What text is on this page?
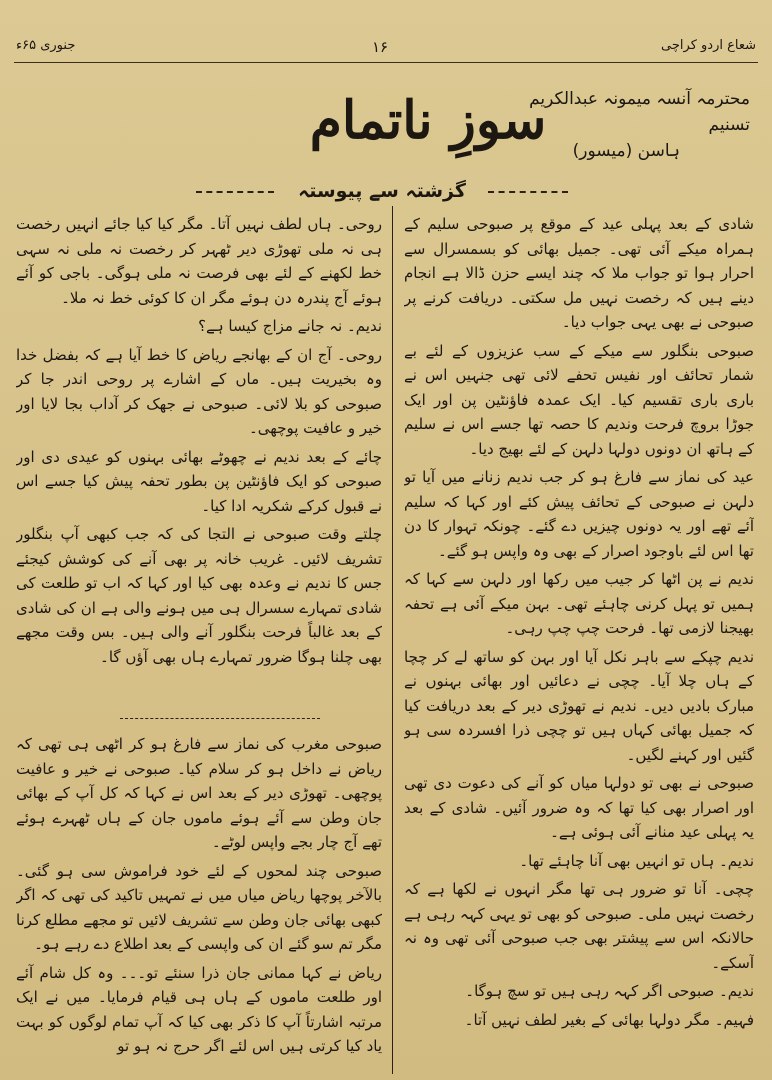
شعاع اردو کراچی
۱۶
جنوری ۶۵ء
محترمہ آنسہ میمونہ عبدالکریم تسنیم
ہاسن (میسور)
سوزِ ناتمام
گزشتہ سے پیوستہ
شادی کے بعد پہلی عید کے موقع پر صبوحی سلیم کے ہمراہ میکے آئی تھی۔ جمیل بھائی کو بسمسرال سے احرار ہوا تو جواب ملا کہ چند ایسے حزن ڈالا ہے انجام دینے ہیں کہ رخصت نہیں مل سکتی۔ دریافت کرنے پر صبوحی نے بھی یہی جواب دیا۔
صبوحی بنگلور سے میکے کے سب عزیزوں کے لئے بے شمار تحائف اور نفیس تحفے لائی تھی جنہیں اس نے باری باری تقسیم کیا۔ ایک عمدہ فاؤنٹین پن اور ایک جوڑا بروچ فرحت وندیم کا حصہ تھا جسے اس نے سلیم کے ہاتھ ان دونوں دولہا دلہن کے لئے بھیج دیا۔
عید کی نماز سے فارغ ہو کر جب ندیم زنانے میں آیا تو دلہن نے صبوحی کے تحائف پیش کئے اور کہا کہ سلیم آئے تھے اور یہ دونوں چیزیں دے گئے۔ چونکہ تہوار کا دن تھا اس لئے باوجود اصرار کے بھی وہ واپس ہو گئے۔
ندیم نے پن اٹھا کر جیب میں رکھا اور دلہن سے کہا کہ ہمیں تو پہل کرنی چاہئے تھی۔ بہن میکے آئی ہے تحفہ بھیجنا لازمی تھا۔ فرحت چپ چپ رہی۔
ندیم چپکے سے باہر نکل آیا اور بہن کو ساتھ لے کر چچا کے ہاں چلا آیا۔ چچی نے دعائیں اور بھائی بہنوں نے مبارک بادیں دیں۔ ندیم نے تھوڑی دیر کے بعد دریافت کیا کہ جمیل بھائی کہاں ہیں تو چچی ذرا افسردہ سی ہو گئیں اور کہنے لگیں۔
صبوحی نے بھی تو دولہا میاں کو آنے کی دعوت دی تھی اور اصرار بھی کیا تھا کہ وہ ضرور آئیں۔ شادی کے بعد یہ پہلی عید منانے آئی ہوئی ہے۔
ندیم۔ ہاں تو انہیں بھی آنا چاہئے تھا۔
چچی۔ آنا تو ضرور ہی تھا مگر انہوں نے لکھا ہے کہ رخصت نہیں ملی۔ صبوحی کو بھی تو یہی کہہ رہی ہے حالانکہ اس سے پیشتر بھی جب صبوحی آئی تھی وہ نہ آسکے۔
ندیم۔ صبوحی اگر کہہ رہی ہیں تو سچ ہوگا۔
فہیم۔ مگر دولہا بھائی کے بغیر لطف نہیں آتا۔
روحی۔ ہاں لطف نہیں آتا۔ مگر کیا کیا جائے انہیں رخصت ہی نہ ملی تھوڑی دیر ٹھہر کر رخصت نہ ملی نہ سہی خط لکھنے کے لئے بھی فرصت نہ ملی ہوگی۔ باجی کو آئے ہوئے آج پندرہ دن ہوئے مگر ان کا کوئی خط نہ ملا۔
ندیم۔ نہ جانے مزاج کیسا ہے؟
روحی۔ آج ان کے بھانجے ریاض کا خط آیا ہے کہ بفضل خدا وہ بخیریت ہیں۔ ماں کے اشارے پر روحی اندر جا کر صبوحی کو بلا لائی۔ صبوحی نے جھک کر آداب بجا لایا اور خیر و عافیت پوچھی۔
چائے کے بعد ندیم نے چھوٹے بھائی بہنوں کو عیدی دی اور صبوحی کو ایک فاؤنٹین پن بطور تحفہ پیش کیا جسے اس نے قبول کرکے شکریہ ادا کیا۔
چلتے وقت صبوحی نے التجا کی کہ جب کبھی آپ بنگلور تشریف لائیں۔ غریب خانہ پر بھی آنے کی کوشش کیجئے جس کا ندیم نے وعدہ بھی کیا اور کہا کہ اب تو طلعت کی شادی تمہارے سسرال ہی میں ہونے والی ہے ان کی شادی کے بعد غالباً فرحت بنگلور آنے والی ہیں۔ بس وقت مجھے بھی چلنا ہوگا ضرور تمہارے ہاں بھی آؤں گا۔
صبوحی مغرب کی نماز سے فارغ ہو کر اٹھی ہی تھی کہ ریاض نے داخل ہو کر سلام کیا۔ صبوحی نے خیر و عافیت پوچھی۔ تھوڑی دیر کے بعد اس نے کہا کہ کل آپ کے بھائی جان وطن سے آئے ہوئے ماموں جان کے ہاں ٹھہرے ہوئے تھے آج چار بجے واپس لوٹے۔
صبوحی چند لمحوں کے لئے خود فراموش سی ہو گئی۔ بالآخر پوچھا ریاض میاں میں نے تمہیں تاکید کی تھی کہ اگر کبھی بھائی جان وطن سے تشریف لائیں تو مجھے مطلع کرنا مگر تم سو گئے ان کی واپسی کے بعد اطلاع دے رہے ہو۔
ریاض نے کہا ممانی جان ذرا سنئے تو۔۔۔ وہ کل شام آئے اور طلعت ماموں کے ہاں ہی قیام فرمایا۔ میں نے ایک مرتبہ اشارتاً آپ کا ذکر بھی کیا کہ آپ تمام لوگوں کو بہت یاد کیا کرتی ہیں اس لئے اگر حرج نہ ہو تو
